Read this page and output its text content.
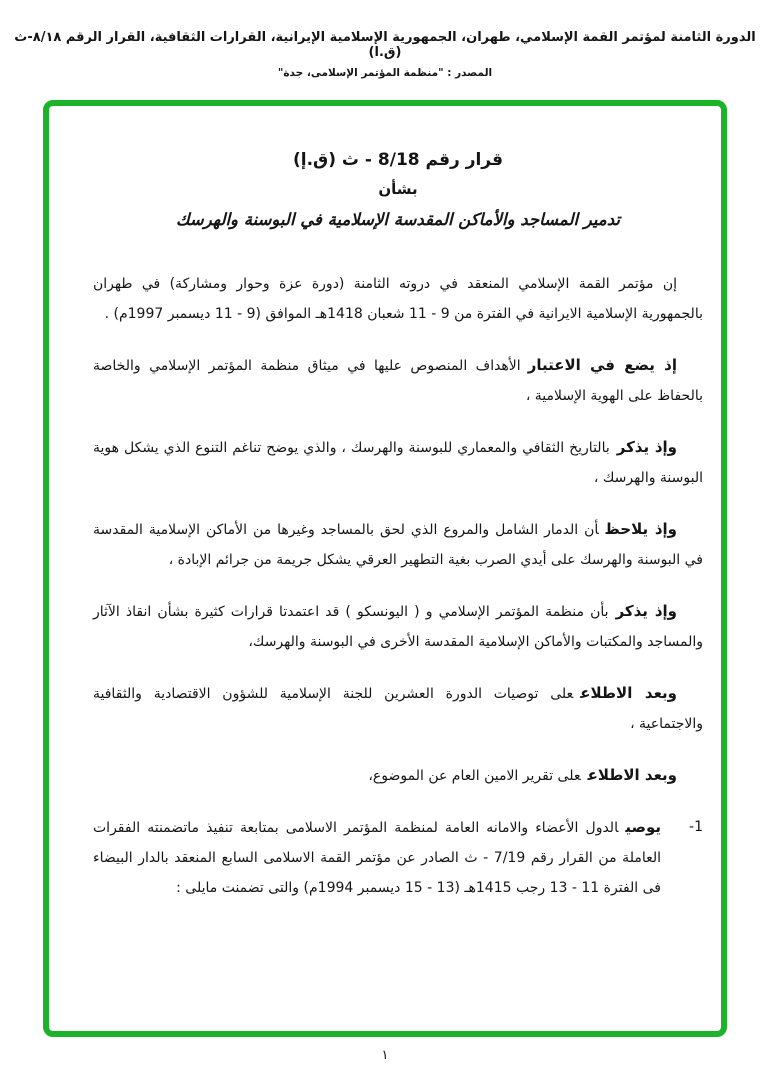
الدورة الثامنة لمؤتمر القمة الإسلامي، طهران، الجمهورية الإسلامية الإيرانية، القرارات الثقافية، القرار الرقم ٨/١٨-ث (ق.ا)
المصدر : "منظمة المؤتمر الإسلامى، جدة"

قرار رقم 8/18 - ث (ق.إ)

بشأن

تدمير المساجد والأماكن المقدسة الإسلامية في البوسنة والهرسك

إن مؤتمر القمة الإسلامي المنعقد في دروته الثامنة (دورة عزة وحوار ومشاركة) في طهران بالجمهورية الإسلامية الايرانية في الفترة من 9 - 11 شعبان 1418هـ الموافق (9 - 11 ديسمبر 1997م) .

إذ يضع في الاعتبارالأهداف المنصوص عليها في ميثاق منظمة المؤتمر الإسلامي والخاصة بالحفاظ على الهوية الإسلامية ،

وإذ يذكربالتاريخ الثقافي والمعماري للبوسنة والهرسك ، والذي يوضح تناغم التنوع الذي يشكل هوية البوسنة والهرسك ،

وإذ يلاحظأن الدمار الشامل والمروع الذي لحق بالمساجد وغيرها من الأماكن الإسلامية المقدسة في البوسنة والهرسك على أيدي الصرب بغية التطهير العرقي يشكل جريمة من جرائم الإبادة ،

وإذ يذكربأن منظمة المؤتمر الإسلامي و ( اليونسكو ) قد اعتمدتا قرارات كثيرة بشأن انقاذ الآثار والمساجد والمكتبات والأماكن الإسلامية المقدسة الأخرى في البوسنة والهرسك،

وبعد الاطلاععلى توصيات الدورة العشرين للجنة الإسلامية للشؤون الاقتصادية والثقافية والاجتماعية ،

وبعد الاطلاععلى تقرير الامين العام عن الموضوع،

1-
يوصيالدول الأعضاء والامانه العامة لمنظمة المؤتمر الاسلامى بمتابعة تنفيذ ماتضمنته الفقرات العاملة من القرار رقم 7/19 - ث الصادر عن مؤتمر القمة الاسلامى السابع المنعقد بالدار البيضاء فى الفترة 11 - 13 رجب 1415هـ (13 - 15 ديسمبر 1994م) والتى تضمنت مايلى :
١
